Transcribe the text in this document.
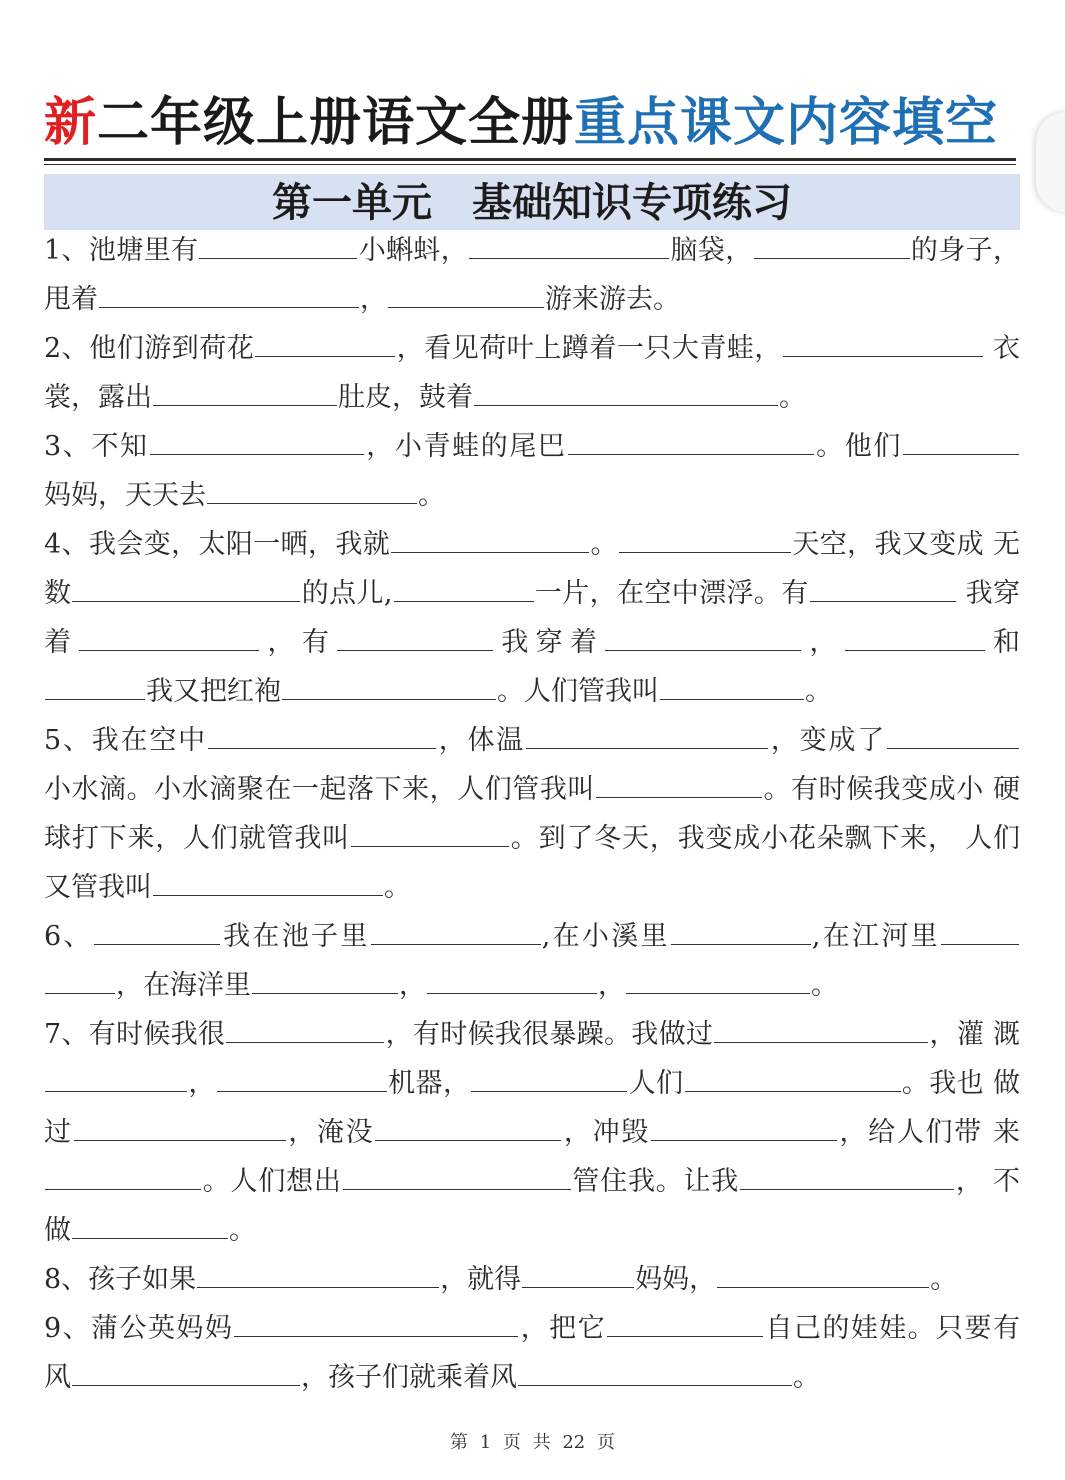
新二年级上册语文全册重点课文内容填空
第一单元　基础知识专项练习

1、池塘里有	小蝌蚪，	脑袋，	的身子， 甩着	，	游来游去。

2、他们游到荷花	，看见荷叶上蹲着一只大青蛙，	衣裳，露出	肚皮，鼓着	。

3、不知	，小青蛙的尾巴	。他们 妈妈，天天去	。

4、我会变，太阳一晒，我就	。	天空，我又变成 无数	的点儿,	一片，在空中漂浮。有	我穿着	，有	我穿着	，	和 我又把红袍	。人们管我叫	。

5、我在空中	，体温	，变成了 小水滴。小水滴聚在一起落下来，人们管我叫	。有时候我变成小 硬球打下来，人们就管我叫	。到了冬天，我变成小花朵飘下来， 人们又管我叫	。

6、	我在池子里	,在小溪里	,在江河里 ，在海洋里	，	，	。

7、有时候我很	，有时候我很暴躁。我做过	，灌 溉，	机器，	人们	。我也 做过	，淹没	，冲毁	，给人们带 来。人们想出	管住我。让我	， 不做	。

8、孩子如果	，就得	妈妈，	。

9、蒲公英妈妈	，把它	自己的娃娃。只要有 风	，孩子们就乘着风	。

第 1 页 共 22 页
